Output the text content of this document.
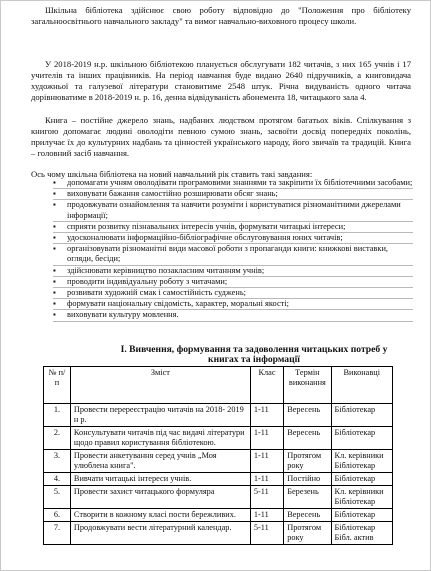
Шкільна бібліотека здійснює свою роботу відповідно до "Положення про бібліотеку загальноосвітнього навчального закладу" та вимог навчально-виховного процесу школи.
У 2018-2019 н.р. шкільною бібліотекою планується обслугувати 182 читачів, з них 165 учнів і 17 учителів та інших працівників. На період навчання буде видано 2640 підручників, а книговидача художньої та галузевої літератури становитиме 2548 штук. Річна видуваність одного читача дорівнюватиме в 2018-2019 н. р. 16, денна відвідуваність абонемента 18, читацького зала 4.
Книга – постійне джерело знань, надбаних людством протягом багатьох віків. Спілкування з книгою допомагає людині оволодіти певною сумою знань, засвоїти досвід попередніх поколінь, прилучає їх до культурних надбань та цінностей українського народу, його звичаїв та традицій. Книга – головний засіб навчання.
Ось чому шкільна бібліотека на новий навчальний рік ставить такі завдання:
▪ допомагати учням оволодівати програмовими знаннями та закріпити їх бібліотечними засобами;
▪ виховувати бажання самостійно розширювати обсяг знань;
▪ продовжувати ознайомлення та навчити розуміти і користуватися різноманітними джерелами інформації;
▪ сприяти розвитку пізнавальних інтересів учнів, формувати читацькі інтереси;
▪ удосконалювати інформаційно-бібліографічне обслуговування юних читачів;
▪ організовувати різноманітні види масової роботи з пропаганди книги: книжкові виставки, огляди, бесіди;
▪ здійснювати керівництво позакласним читанням учнів;
▪ проводити індивідуальну роботу з читачами;
▪ розвивати художній смак і самостійність суджень;
▪ формувати національну свідомість, характер, моральні якості;
▪ виховувати культуру мовлення.
І. Вивчення, формування та задоволення читацьких потреб у книгах та інформації
№ п/ п	Зміст	Клас	Термін виконання	Виконавці
1.	Провести перереєстрацію читачів на 2018- 2019 н р.	1-11	Вересень	Бібліотекар
2.	Консультувати читачів під час видачі літератури щодо правил користування бібліотекою.	1-11	Вересень	Бібліотекар
3.	Провести анкетування серед учнів „Моя улюблена книга".	1-11	Протягом року	Кл. керівники Бібліотекар
4.	Вивчати читацькі інтереси учнів.	1-11	Постійно	Бібліотекар
5.	Провести захист читацького формуляра	5-11	Березень	Кл. керівники Бібліотекар
6.	Створити в кожному класі пости бережливих.	1-11	Вересень	Бібліотекар
7.	Продовжувати вести літературний календар.	5-11	Протягом року	Бібліотекар Бібл. актив
